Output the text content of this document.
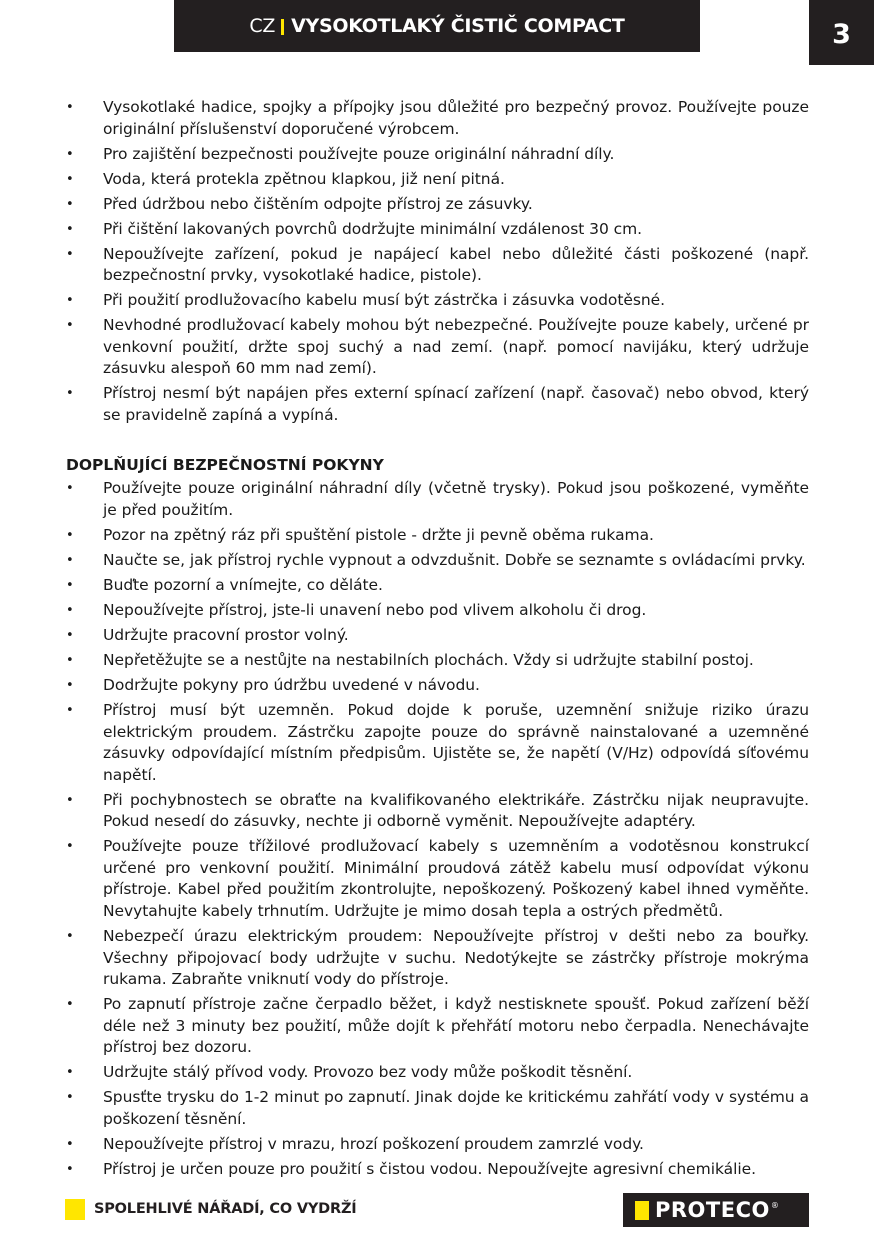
CZ VYSOKOTLAKÝ ČISTIČ COMPACT	3
• Vysokotlaké hadice, spojky a přípojky jsou důležité pro bezpečný provoz. Používejte pouze originální příslušenství doporučené výrobcem.
• Pro zajištění bezpečnosti používejte pouze originální náhradní díly.
• Voda, která protekla zpětnou klapkou, již není pitná.
• Před údržbou nebo čištěním odpojte přístroj ze zásuvky.
• Při čištění lakovaných povrchů dodržujte minimální vzdálenost 30 cm.
• Nepoužívejte zařízení, pokud je napájecí kabel nebo důležité části poškozené (např. bezpečnostní prvky, vysokotlaké hadice, pistole).
• Při použití prodlužovacího kabelu musí být zástrčka i zásuvka vodotěsné.
• Nevhodné prodlužovací kabely mohou být nebezpečné. Používejte pouze kabely, určené pr venkovní použití, držte spoj suchý a nad zemí. (např. pomocí navijáku, který udržuje zásuvku alespoň 60 mm nad zemí).
• Přístroj nesmí být napájen přes externí spínací zařízení (např. časovač) nebo obvod, který se pravidelně zapíná a vypíná.
DOPLŇUJÍCÍ BEZPEČNOSTNÍ POKYNY
• Používejte pouze originální náhradní díly (včetně trysky). Pokud jsou poškozené, vyměňte je před použitím.
• Pozor na zpětný ráz při spuštění pistole - držte ji pevně oběma rukama.
• Naučte se, jak přístroj rychle vypnout a odvzdušnit. Dobře se seznamte s ovládacími prvky.
• Buďte pozorní a vnímejte, co děláte.
• Nepoužívejte přístroj, jste-li unavení nebo pod vlivem alkoholu či drog.
• Udržujte pracovní prostor volný.
• Nepřetěžujte se a nestůjte na nestabilních plochách. Vždy si udržujte stabilní postoj.
• Dodržujte pokyny pro údržbu uvedené v návodu.
• Přístroj musí být uzemněn. Pokud dojde k poruše, uzemnění snižuje riziko úrazu elektrickým proudem. Zástrčku zapojte pouze do správně nainstalované a uzemněné zásuvky odpovídající místním předpisům. Ujistěte se, že napětí (V/Hz) odpovídá síťovému napětí.
• Při pochybnostech se obraťte na kvalifikovaného elektrikáře. Zástrčku nijak neupravujte. Pokud nesedí do zásuvky, nechte ji odborně vyměnit. Nepoužívejte adaptéry.
• Používejte pouze třížilové prodlužovací kabely s uzemněním a vodotěsnou konstrukcí určené pro venkovní použití. Minimální proudová zátěž kabelu musí odpovídat výkonu přístroje. Kabel před použitím zkontrolujte, nepoškozený. Poškozený kabel ihned vyměňte. Nevytahujte kabely trhnutím. Udržujte je mimo dosah tepla a ostrých předmětů.
• Nebezpečí úrazu elektrickým proudem: Nepoužívejte přístroj v dešti nebo za bouřky. Všechny připojovací body udržujte v suchu. Nedotýkejte se zástrčky přístroje mokrýma rukama. Zabraňte vniknutí vody do přístroje.
• Po zapnutí přístroje začne čerpadlo běžet, i když nestisknete spoušť. Pokud zařízení běží déle než 3 minuty bez použití, může dojít k přehřátí motoru nebo čerpadla. Nenechávajte přístroj bez dozoru.
• Udržujte stálý přívod vody. Provozo bez vody může poškodit těsnění.
• Spusťte trysku do 1-2 minut po zapnutí. Jinak dojde ke kritickému zahřátí vody v systému a poškození těsnění.
• Nepoužívejte přístroj v mrazu, hrozí poškození proudem zamrzlé vody.
• Přístroj je určen pouze pro použití s čistou vodou. Nepoužívejte agresivní chemikálie.
SPOLEHLIVÉ NÁŘADÍ, CO VYDRŽÍ	PROTECO ®
